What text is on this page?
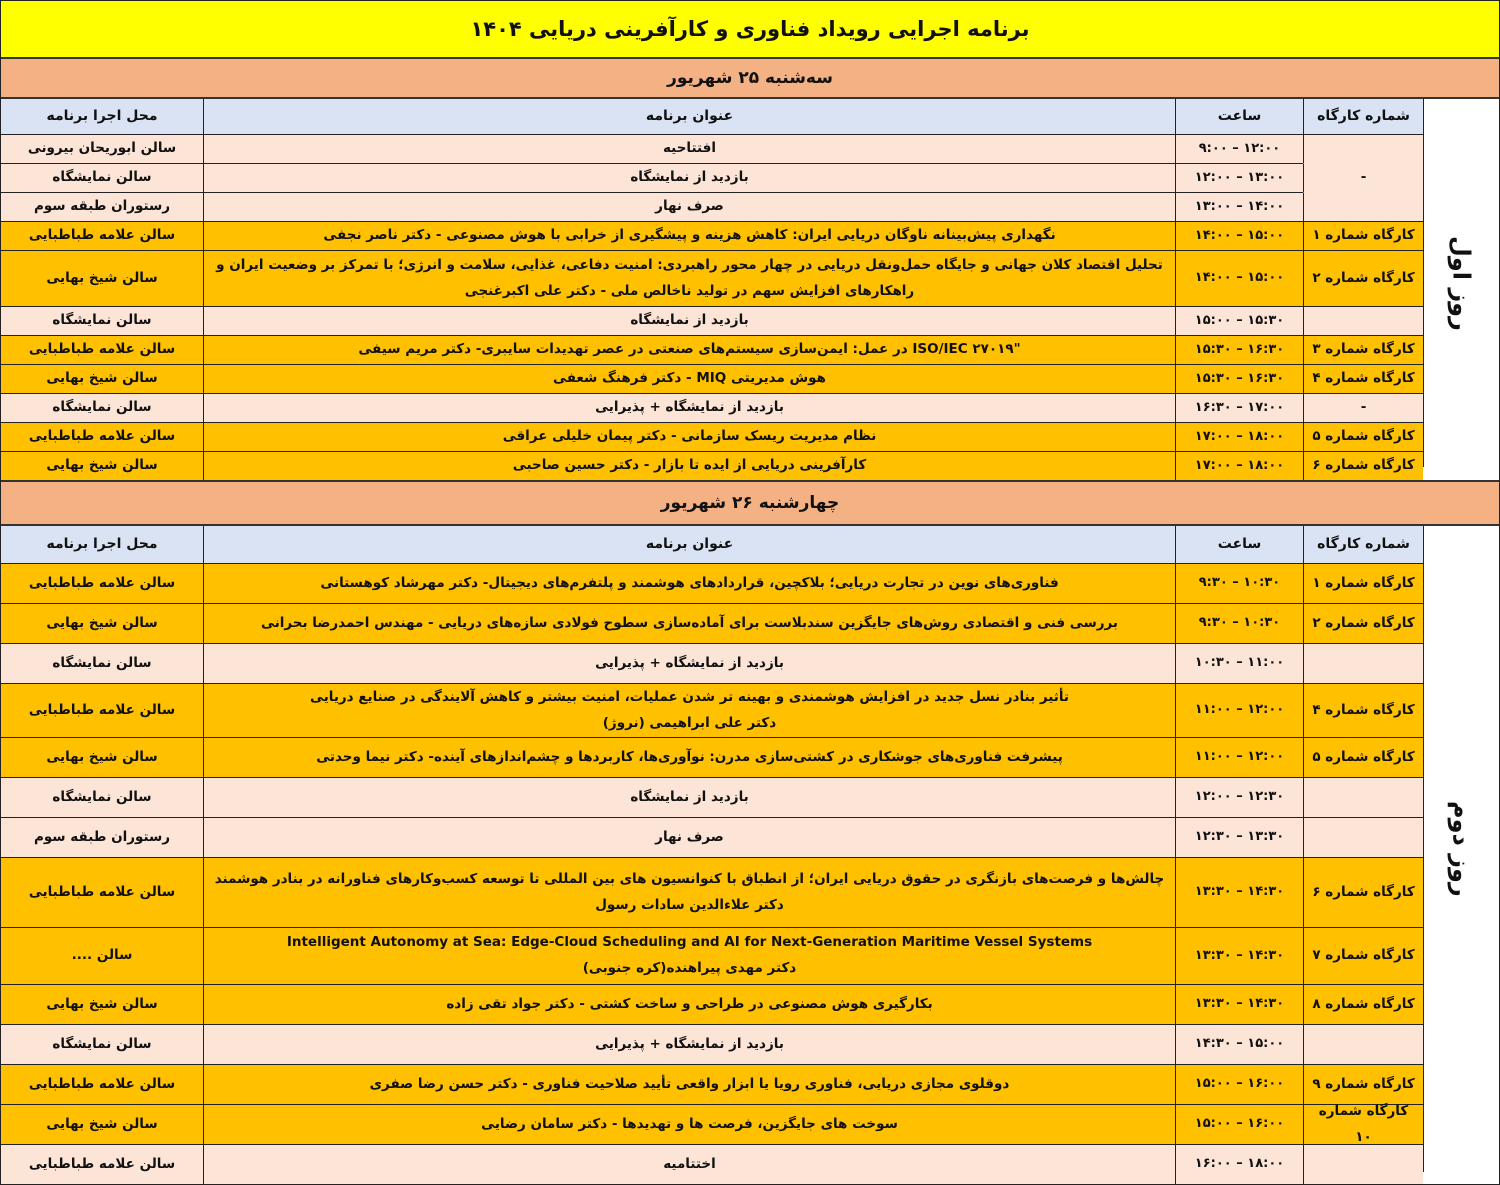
برنامه اجرایی رویداد فناوری و کارآفرینی دریایی ۱۴۰۴
سه‌شنبه ۲۵ شهریور
روز اول
شماره کارگاه
ساعت
عنوان برنامه
محل اجرا برنامه
۹:۰۰ – ۱۲:۰۰
افتتاحیه
سالن ابوریحان بیرونی
-
۱۲:۰۰ – ۱۳:۰۰
بازدید از نمایشگاه
سالن نمایشگاه
۱۳:۰۰ – ۱۴:۰۰
صرف نهار
رستوران طبقه سوم
کارگاه شماره ۱
۱۴:۰۰ – ۱۵:۰۰
نگهداری پیش‌بینانه ناوگان دریایی ایران: کاهش هزینه و پیشگیری از خرابی با هوش مصنوعی - دکتر ناصر نجفی
سالن علامه طباطبایی
کارگاه شماره ۲
۱۴:۰۰ – ۱۵:۰۰
تحلیل اقتصاد کلان جهانی و جایگاه حمل‌ونقل دریایی در چهار محور راهبردی: امنیت دفاعی، غذایی، سلامت و انرژی؛ با تمرکز بر وضعیت ایران و
راهکارهای افزایش سهم در تولید ناخالص ملی - دکتر علی اکبرغنجی
سالن شیخ بهایی
۱۵:۰۰ – ۱۵:۳۰
بازدید از نمایشگاه
سالن نمایشگاه
کارگاه شماره ۳
۱۵:۳۰ – ۱۶:۳۰
"ISO/IEC ۲۷۰۱۹ در عمل: ایمن‌سازی سیستم‌های صنعتی در عصر تهدیدات سایبری- دکتر مریم سیفی
سالن علامه طباطبایی
کارگاه شماره ۴
۱۵:۳۰ – ۱۶:۳۰
هوش مدیریتی MIQ - دکتر فرهنگ شعفی
سالن شیخ بهایی
-
۱۶:۳۰ – ۱۷:۰۰
بازدید از نمایشگاه + پذیرایی
سالن نمایشگاه
کارگاه شماره ۵
۱۷:۰۰ – ۱۸:۰۰
نظام مدیریت ریسک سازمانی - دکتر پیمان خلیلی عراقی
سالن علامه طباطبایی
کارگاه شماره ۶
۱۷:۰۰ – ۱۸:۰۰
کارآفرینی دریایی از ایده تا بازار - دکتر حسین صاحبی
سالن شیخ بهایی
چهارشنبه ۲۶ شهریور
روز دوم
شماره کارگاه
ساعت
عنوان برنامه
محل اجرا برنامه
کارگاه شماره ۱
۹:۳۰ – ۱۰:۳۰
فناوری‌های نوین در تجارت دریایی؛ بلاکچین، قراردادهای هوشمند و پلتفرم‌های دیجیتال- دکتر مهرشاد کوهستانی
سالن علامه طباطبایی
کارگاه شماره ۲
۹:۳۰ – ۱۰:۳۰
بررسی فنی و اقتصادی روش‌های جایگزین سندبلاست برای آماده‌سازی سطوح فولادی سازه‌های دریایی - مهندس احمدرضا بحرانی
سالن شیخ بهایی
۱۰:۳۰ – ۱۱:۰۰
بازدید از نمایشگاه + پذیرایی
سالن نمایشگاه
کارگاه شماره ۴
۱۱:۰۰ – ۱۲:۰۰
تأثیر بنادر نسل جدید در افزایش هوشمندی و بهینه تر شدن عملیات، امنیت بیشتر و کاهش آلایندگی در صنایع دریایی
دکتر علی ابراهیمی (نروژ)
سالن علامه طباطبایی
کارگاه شماره ۵
۱۱:۰۰ – ۱۲:۰۰
پیشرفت فناوری‌های جوشکاری در کشتی‌سازی مدرن: نوآوری‌ها، کاربردها و چشم‌اندازهای آینده- دکتر نیما وحدتی
سالن شیخ بهایی
۱۲:۰۰ – ۱۲:۳۰
بازدید از نمایشگاه
سالن نمایشگاه
۱۲:۳۰ – ۱۳:۳۰
صرف نهار
رستوران طبقه سوم
کارگاه شماره ۶
۱۳:۳۰ – ۱۴:۳۰
چالش‌ها و فرصت‌های بازنگری در حقوق دریایی ایران؛ از انطباق با کنوانسیون های بین المللی تا توسعه کسب‌وکارهای فناورانه در بنادر هوشمند
دکتر علاءالدین سادات رسول
سالن علامه طباطبایی
کارگاه شماره ۷
۱۳:۳۰ – ۱۴:۳۰
Intelligent Autonomy at Sea: Edge-Cloud Scheduling and AI for Next-Generation Maritime Vessel Systems
دکتر مهدی پیراهنده(کره جنوبی)
سالن ....
کارگاه شماره ۸
۱۳:۳۰ – ۱۴:۳۰
بکارگیری هوش مصنوعی در طراحی و ساخت کشتی - دکتر جواد تقی زاده
سالن شیخ بهایی
۱۴:۳۰ – ۱۵:۰۰
بازدید از نمایشگاه + پذیرایی
سالن نمایشگاه
کارگاه شماره ۹
۱۵:۰۰ – ۱۶:۰۰
دوقلوی مجازی دریایی، فناوری رویا یا ابزار واقعی تأیید صلاحیت فناوری - دکتر حسن رضا صفری
سالن علامه طباطبایی
کارگاه شماره ۱۰
۱۵:۰۰ – ۱۶:۰۰
سوخت های جایگزین، فرصت ها و تهدیدها - دکتر سامان رضایی
سالن شیخ بهایی
۱۶:۰۰ – ۱۸:۰۰
اختتامیه
سالن علامه طباطبایی
